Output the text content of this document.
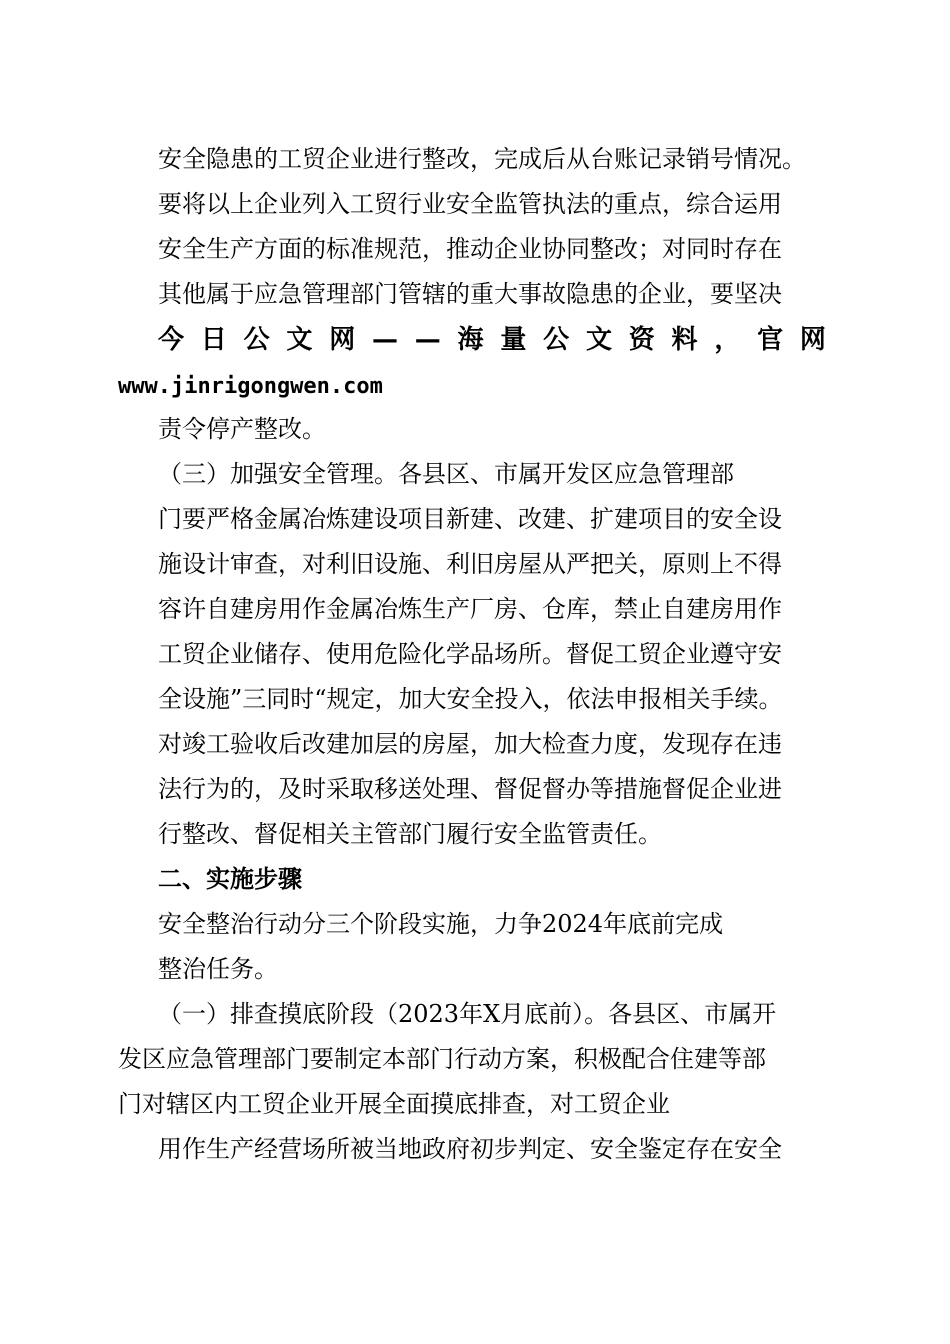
安全隐患的工贸企业进行整改，完成后从台账记录销号情况。
要将以上企业列入工贸行业安全监管执法的重点，综合运用
安全生产方面的标准规范，推动企业协同整改；对同时存在
其他属于应急管理部门管辖的重大事故隐患的企业，要坚决
今 日 公 文 网 — — 海 量 公 文 资 料 ， 官 网
www.jinrigongwen.com
责令停产整改。
（三）加强安全管理。各县区、市属开发区应急管理部
门要严格金属冶炼建设项目新建、改建、扩建项目的安全设
施设计审查，对利旧设施、利旧房屋从严把关，原则上不得
容许自建房用作金属冶炼生产厂房、仓库，禁止自建房用作
工贸企业储存、使用危险化学品场所。督促工贸企业遵守安
全设施”三同时“规定，加大安全投入，依法申报相关手续。
对竣工验收后改建加层的房屋，加大检查力度，发现存在违
法行为的，及时采取移送处理、督促督办等措施督促企业进
行整改、督促相关主管部门履行安全监管责任。
二、实施步骤
安全整治行动分三个阶段实施，力争2024年底前完成
整治任务。
（一）排查摸底阶段（2023年X月底前）。各县区、市属开
发区应急管理部门要制定本部门行动方案，积极配合住建等部
门对辖区内工贸企业开展全面摸底排查，对工贸企业
用作生产经营场所被当地政府初步判定、安全鉴定存在安全
